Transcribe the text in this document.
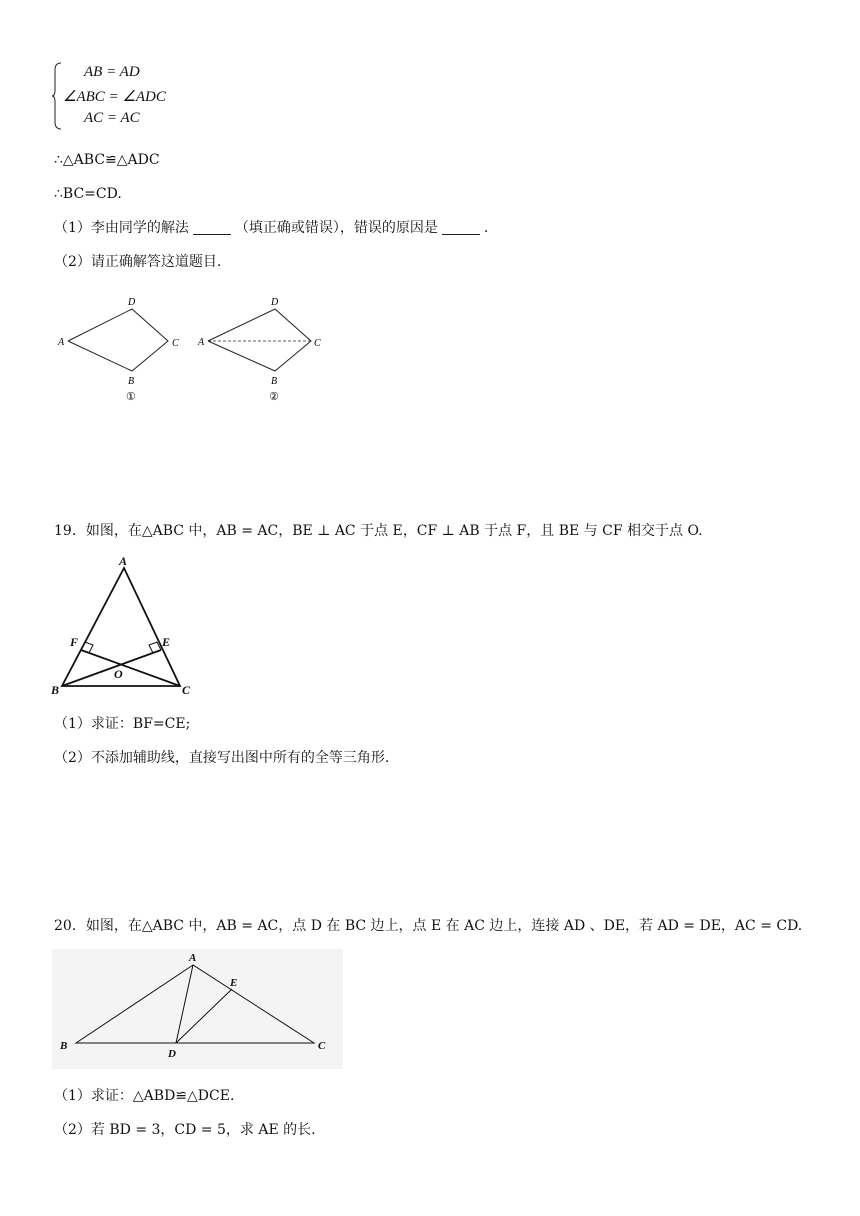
AB = AD
∠ABC = ∠ADC
AC = AC
∴△ABC≌△ADC
∴BC=CD.
（1）李由同学的解法	（填正确或错误），错误的原因是	.
（2）请正确解答这道题目.
D
A	C
B
①
D
A	C
B
②
19．如图，在△ABC 中，AB = AC，BE ⊥ AC 于点 E，CF ⊥ AB 于点 F，且 BE 与 CF 相交于点 O.
A
F	E
O
B	C
（1）求证：BF=CE;
（2）不添加辅助线，直接写出图中所有的全等三角形.
20．如图，在△ABC 中，AB = AC，点 D 在 BC 边上，点 E 在 AC 边上，连接 AD 、DE，若 AD = DE，AC = CD.
A
E
B
D
C
（1）求证：△ABD≌△DCE.
（2）若 BD = 3，CD = 5，求 AE 的长.
